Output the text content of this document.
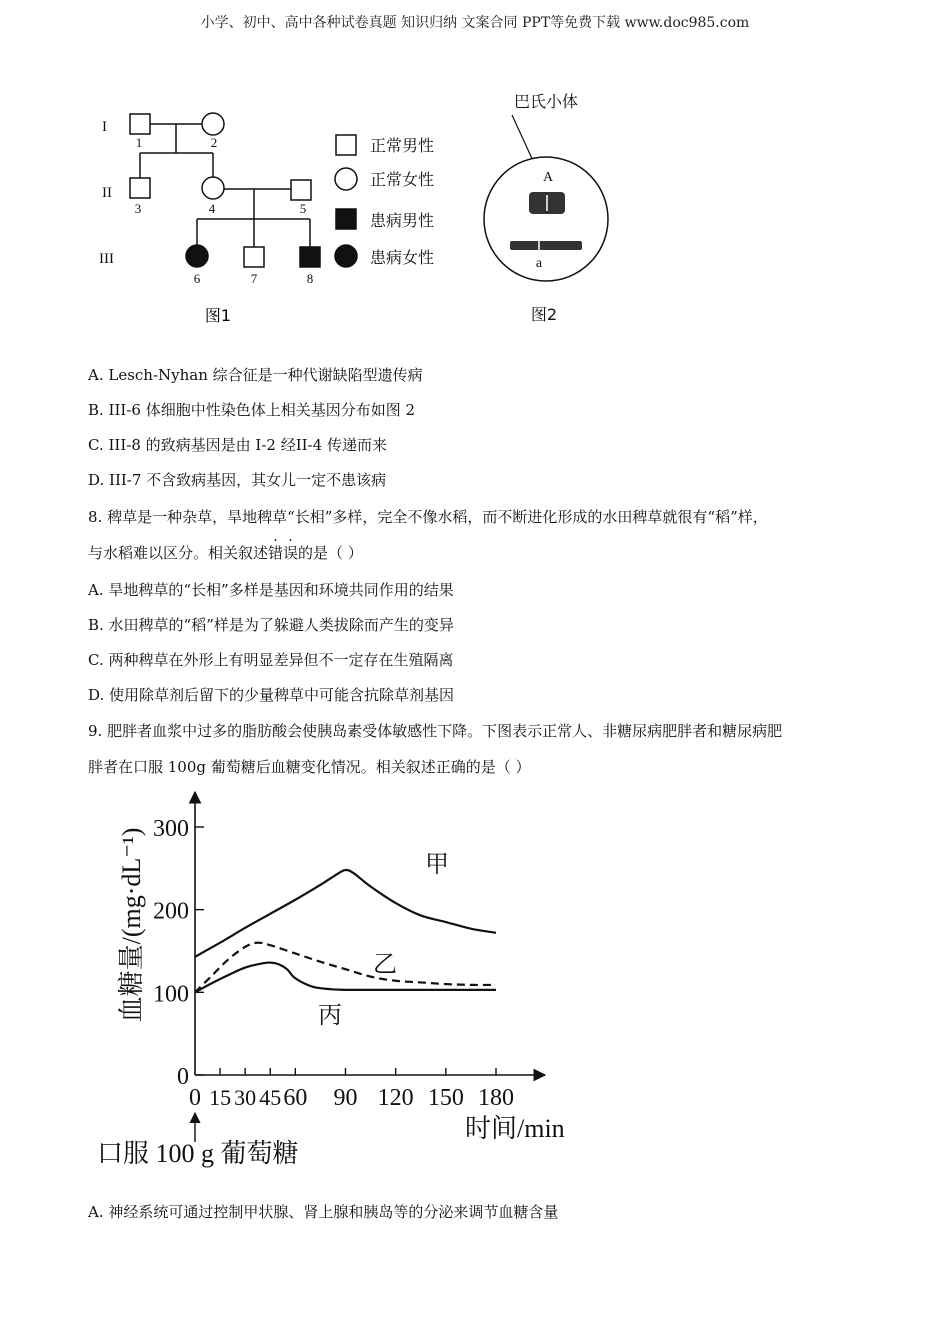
小学、初中、高中各种试卷真题 知识归纳 文案合同 PPT等免费下载 www.doc985.com
I
II
III
1	2
3	4	5
6	7	8
正常男性
正常女性
患病男性
患病女性
图1
巴氏小体
A
a
图2
A. Lesch-Nyhan 综合征是一种代谢缺陷型遗传病
B. III-6 体细胞中性染色体上相关基因分布如图 2
C. III-8 的致病基因是由 I-2 经II-4 传递而来
D. III-7 不含致病基因，其女儿一定不患该病
8. 稗草是一种杂草，旱地稗草“长相”多样，完全不像水稻，而不断进化形成的水田稗草就很有“稻”样，
与水稻难以区分。相关叙述错误的是（ ）
A. 旱地稗草的“长相”多样是基因和环境共同作用的结果
B. 水田稗草的“稻”样是为了躲避人类拔除而产生的变异
C. 两种稗草在外形上有明显差异但不一定存在生殖隔离
D. 使用除草剂后留下的少量稗草中可能含抗除草剂基因
9. 肥胖者血浆中过多的脂肪酸会使胰岛素受体敏感性下降。下图表示正常人、非糖尿病肥胖者和糖尿病肥
胖者在口服 100g 葡萄糖后血糖变化情况。相关叙述正确的是（ ）
0
100
200
300
0 15 30 45 60 90 120 150 180
甲
乙
丙
血糖量/(mg·dL⁻¹)
时间/min
口服 100 g 葡萄糖
A. 神经系统可通过控制甲状腺、肾上腺和胰岛等的分泌来调节血糖含量
